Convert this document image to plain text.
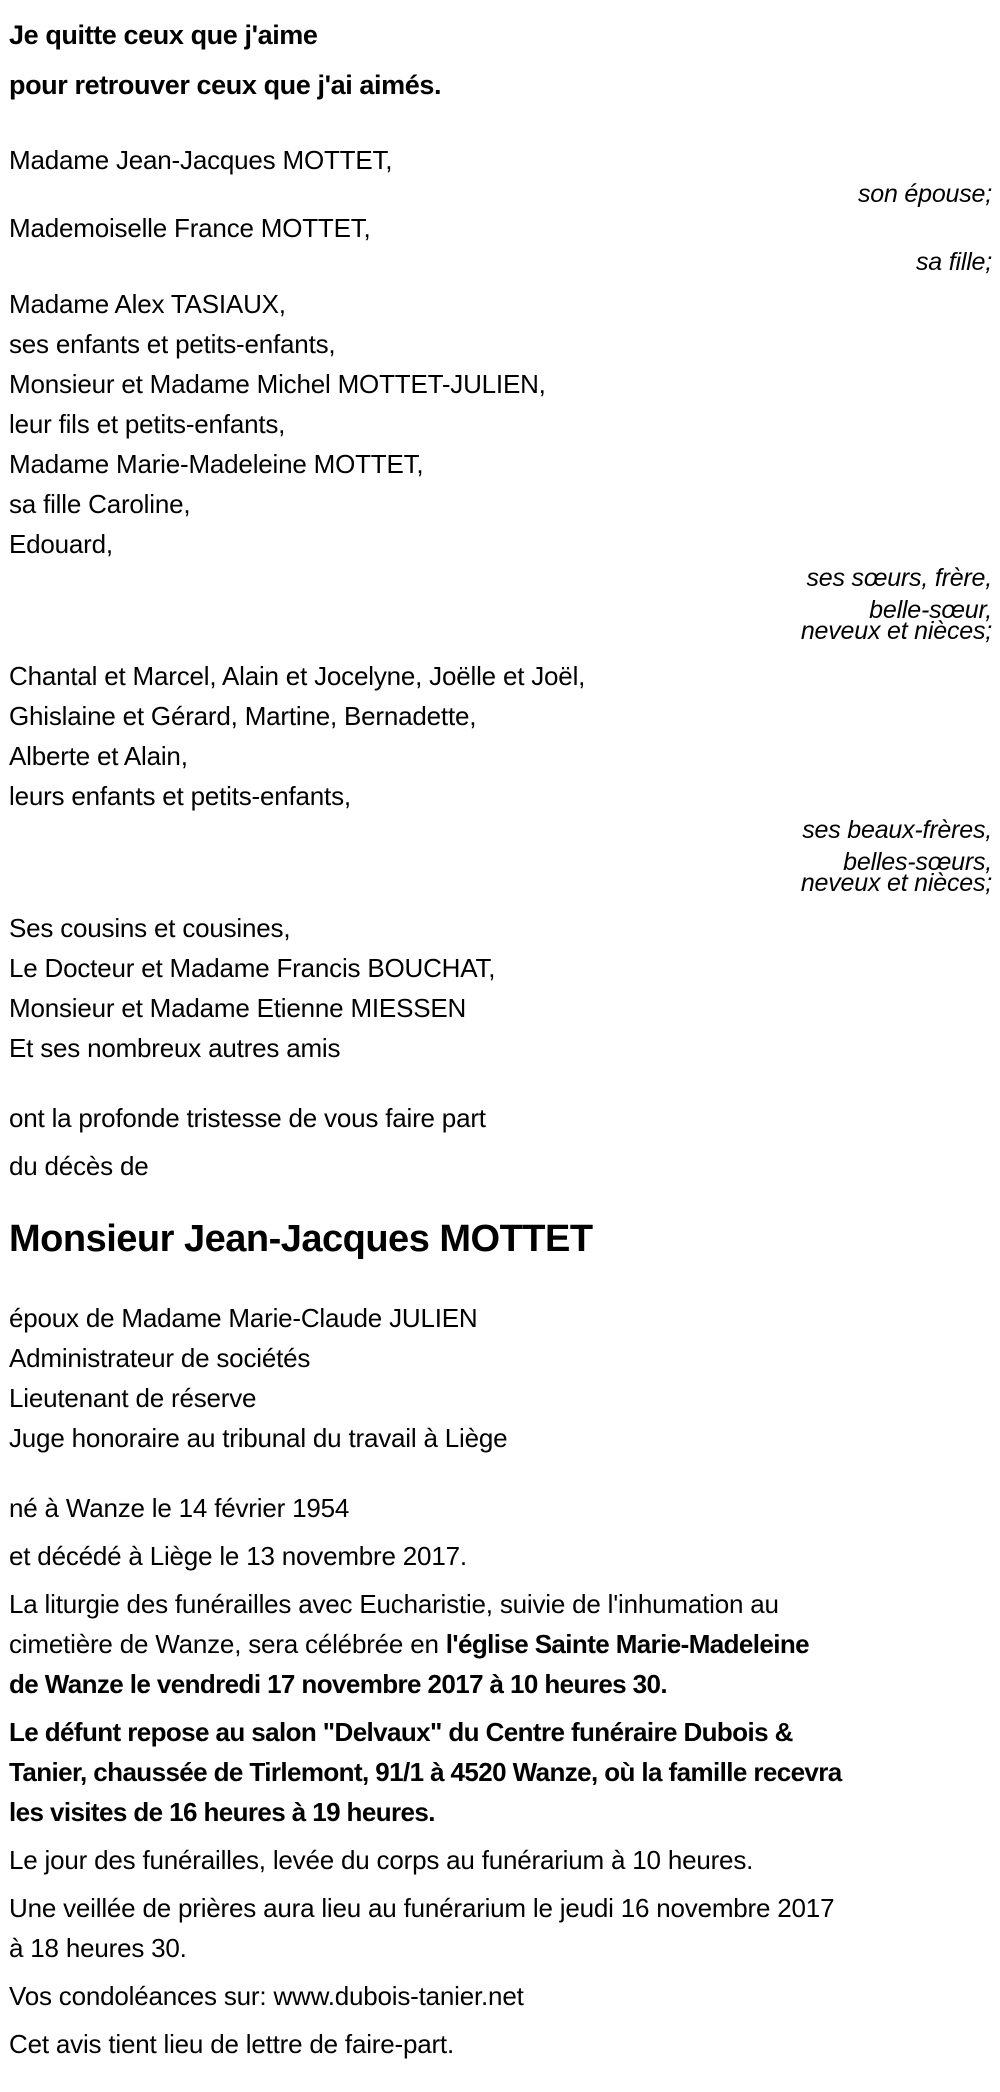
Je quitte ceux que j'aime
pour retrouver ceux que j'ai aimés.
Madame Jean-Jacques MOTTET,
son épouse;
Mademoiselle France MOTTET,
sa fille;
Madame Alex TASIAUX,
ses enfants et petits-enfants,
Monsieur et Madame Michel MOTTET-JULIEN,
leur fils et petits-enfants,
Madame Marie-Madeleine MOTTET,
sa fille Caroline,
Edouard,
ses sœurs, frère,
belle-sœur,
neveux et nièces;
Chantal et Marcel, Alain et Jocelyne, Joëlle et Joël,
Ghislaine et Gérard, Martine, Bernadette,
Alberte et Alain,
leurs enfants et petits-enfants,
ses beaux-frères,
belles-sœurs,
neveux et nièces;
Ses cousins et cousines,
Le Docteur et Madame Francis BOUCHAT,
Monsieur et Madame Etienne MIESSEN
Et ses nombreux autres amis
ont la profonde tristesse de vous faire part
du décès de
Monsieur Jean-Jacques MOTTET
époux de Madame Marie-Claude JULIEN
Administrateur de sociétés
Lieutenant de réserve
Juge honoraire au tribunal du travail à Liège
né à Wanze le 14 février 1954
et décédé à Liège le 13 novembre 2017.
La liturgie des funérailles avec Eucharistie, suivie de l'inhumation au
cimetière de Wanze, sera célébrée en l'église Sainte Marie-Madeleine
de Wanze le vendredi 17 novembre 2017 à 10 heures 30.
Le défunt repose au salon "Delvaux" du Centre funéraire Dubois &
Tanier, chaussée de Tirlemont, 91/1 à 4520 Wanze, où la famille recevra
les visites de 16 heures à 19 heures.
Le jour des funérailles, levée du corps au funérarium à 10 heures.
Une veillée de prières aura lieu au funérarium le jeudi 16 novembre 2017
à 18 heures 30.
Vos condoléances sur: www.dubois-tanier.net
Cet avis tient lieu de lettre de faire-part.
